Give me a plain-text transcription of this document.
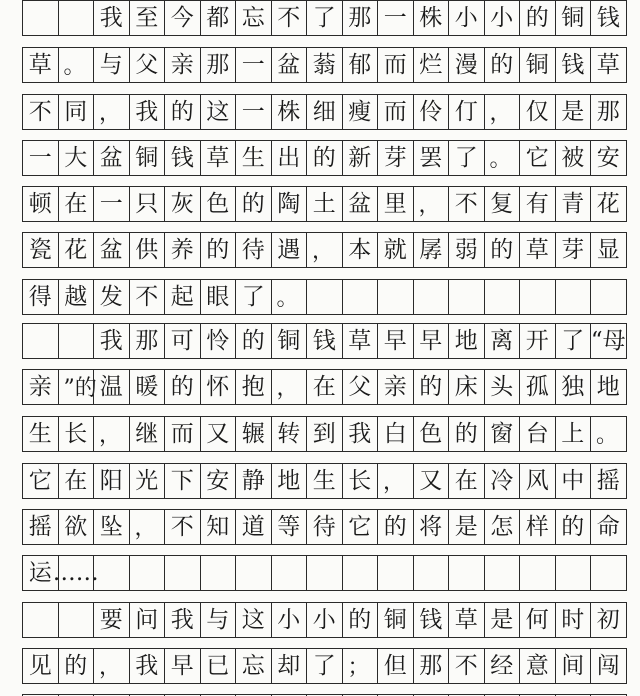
我 至 今 都 忘 不 了 那 一 株 小 小 的 铜 钱
草 。 与 父 亲 那 一 盆 蓊 郁 而 烂 漫 的 铜 钱 草
不 同 ， 我 的 这 一 株 细 瘦 而 伶 仃 ， 仅 是 那
一 大 盆 铜 钱 草 生 出 的 新 芽 罢 了 。 它 被 安
顿 在 一 只 灰 色 的 陶 土 盆 里 ， 不 复 有 青 花
瓷 花 盆 供 养 的 待 遇 ， 本 就 孱 弱 的 草 芽 显
得 越 发 不 起 眼 了 。
我 那 可 怜 的 铜 钱 草 早 早 地 离 开 了 “母
亲 ”的 温 暖 的 怀 抱 ， 在 父 亲 的 床 头 孤 独 地
生 长 ， 继 而 又 辗 转 到 我 白 色 的 窗 台 上 。
它 在 阳 光 下 安 静 地 生 长 ， 又 在 冷 风 中 摇
摇 欲 坠 ， 不 知 道 等 待 它 的 将 是 怎 样 的 命
运 ……
要 问 我 与 这 小 小 的 铜 钱 草 是 何 时 初
见 的 ， 我 早 已 忘 却 了 ； 但 那 不 经 意 间 闯
